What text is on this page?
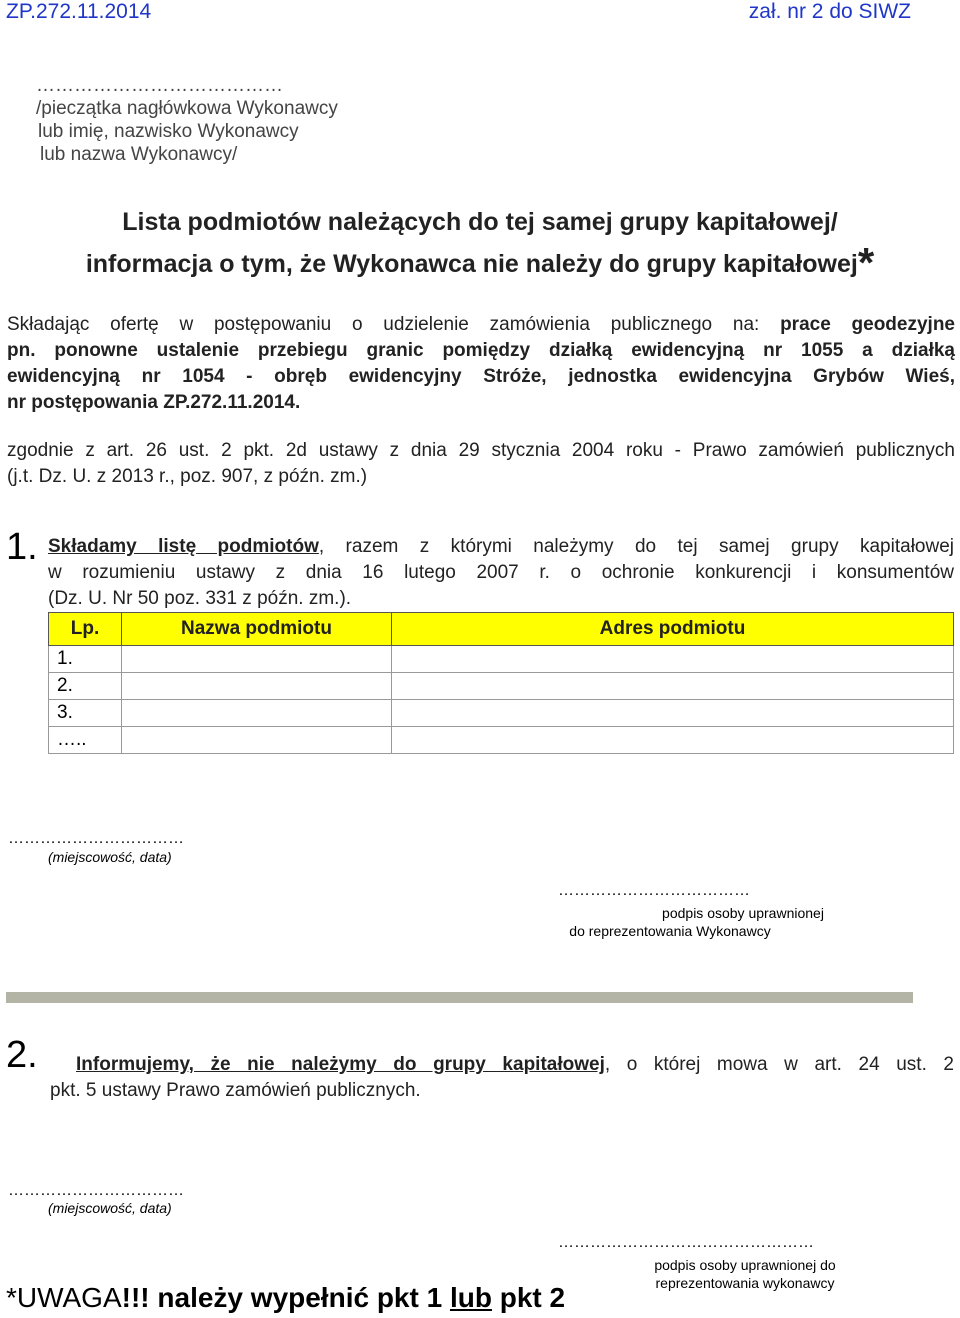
ZP.272.11.2014	zał. nr 2 do SIWZ
…………………………………
/pieczątka nagłówkowa Wykonawcy
lub imię, nazwisko Wykonawcy
lub nazwa Wykonawcy/
Lista podmiotów należących do tej samej grupy kapitałowej/
informacja o tym, że Wykonawca nie należy do grupy kapitałowej*
Składając ofertę w postępowaniu o udzielenie zamówienia publicznego na: prace geodezyjne
pn. ponowne ustalenie przebiegu granic pomiędzy działką ewidencyjną nr 1055 a działką
ewidencyjną nr 1054 - obręb ewidencyjny Stróże, jednostka ewidencyjna Grybów Wieś,
nr postępowania ZP.272.11.2014.
zgodnie z art. 26 ust. 2 pkt. 2d ustawy z dnia 29 stycznia 2004 roku - Prawo zamówień publicznych
(j.t. Dz. U. z 2013 r., poz. 907, z późn. zm.)
1. Składamy listę podmiotów, razem z którymi należymy do tej samej grupy kapitałowej
w rozumieniu ustawy z dnia 16 lutego 2007 r. o ochronie konkurencji i konsumentów
(Dz. U. Nr 50 poz. 331 z późn. zm.).
Lp.	Nazwa podmiotu	Adres podmiotu
1.		
2.		
3.		
…..		
……………………………
(miejscowość, data)
………………………………
podpis osoby uprawnionej
do reprezentowania Wykonawcy
2. Informujemy, że nie należymy do grupy kapitałowej, o której mowa w art. 24 ust. 2
pkt. 5 ustawy Prawo zamówień publicznych.
……………………………
(miejscowość, data)
…………………………………………
podpis osoby uprawnionej do
reprezentowania wykonawcy
*UWAGA!!! należy wypełnić pkt 1 lub pkt 2
